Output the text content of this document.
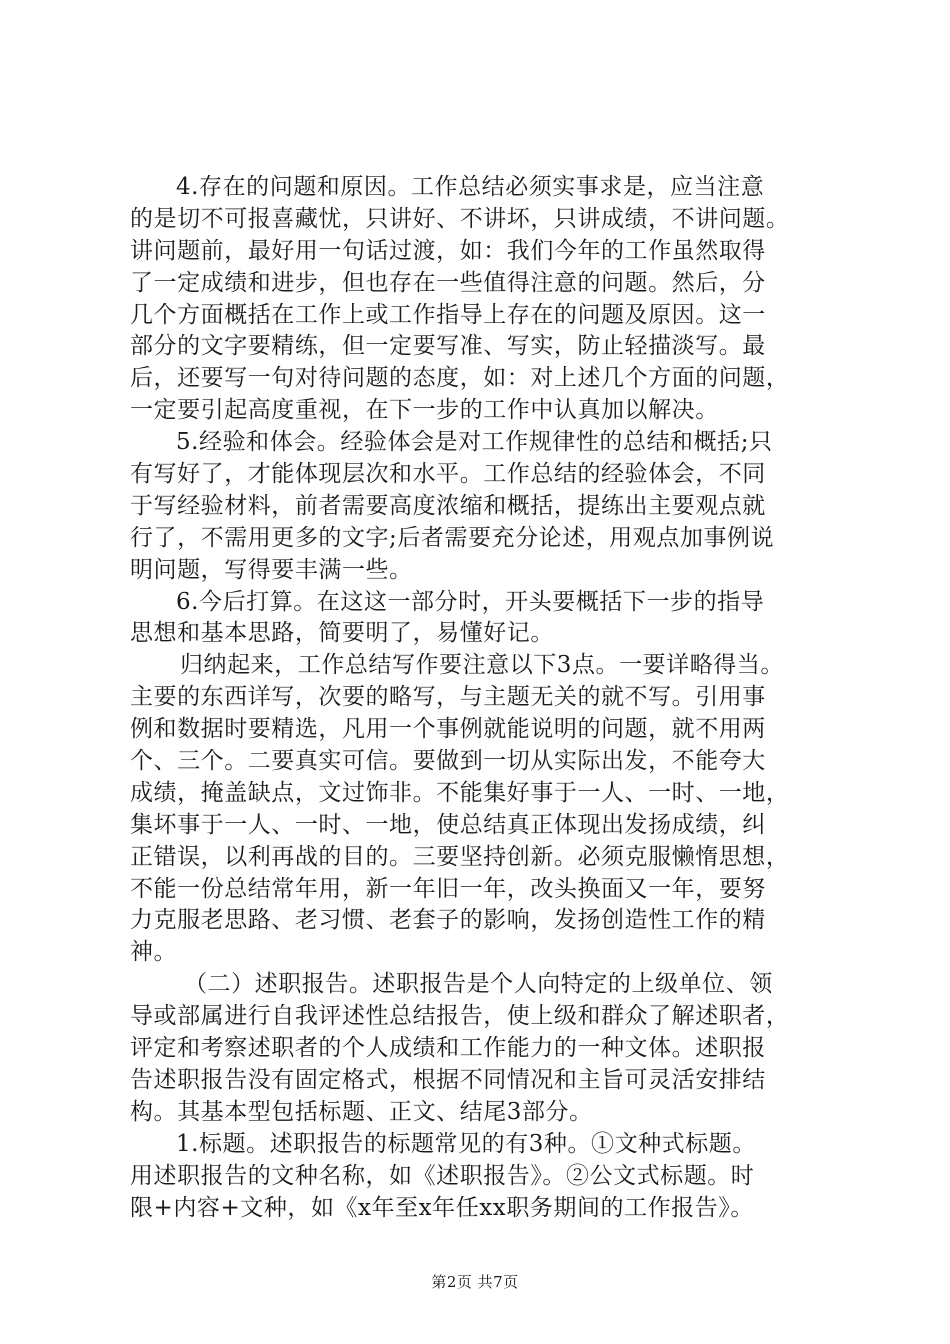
4.存在的问题和原因。工作总结必须实事求是，应当注意
的是切不可报喜藏忧，只讲好、不讲坏，只讲成绩，不讲问题。
讲问题前，最好用一句话过渡，如：我们今年的工作虽然取得
了一定成绩和进步，但也存在一些值得注意的问题。然后，分
几个方面概括在工作上或工作指导上存在的问题及原因。这一
部分的文字要精练，但一定要写准、写实，防止轻描淡写。最
后，还要写一句对待问题的态度，如：对上述几个方面的问题，
一定要引起高度重视，在下一步的工作中认真加以解决。
5.经验和体会。经验体会是对工作规律性的总结和概括;只
有写好了，才能体现层次和水平。工作总结的经验体会，不同
于写经验材料，前者需要高度浓缩和概括，提练出主要观点就
行了，不需用更多的文字;后者需要充分论述，用观点加事例说
明问题，写得要丰满一些。
6.今后打算。在这这一部分时，开头要概括下一步的指导
思想和基本思路，简要明了，易懂好记。
归纳起来，工作总结写作要注意以下3点。一要详略得当。
主要的东西详写，次要的略写，与主题无关的就不写。引用事
例和数据时要精选，凡用一个事例就能说明的问题，就不用两
个、三个。二要真实可信。要做到一切从实际出发，不能夸大
成绩，掩盖缺点，文过饰非。不能集好事于一人、一时、一地，
集坏事于一人、一时、一地，使总结真正体现出发扬成绩，纠
正错误，以利再战的目的。三要坚持创新。必须克服懒惰思想，
不能一份总结常年用，新一年旧一年，改头换面又一年，要努
力克服老思路、老习惯、老套子的影响，发扬创造性工作的精
神。
（二）述职报告。述职报告是个人向特定的上级单位、领
导或部属进行自我评述性总结报告，使上级和群众了解述职者，
评定和考察述职者的个人成绩和工作能力的一种文体。述职报
告述职报告没有固定格式，根据不同情况和主旨可灵活安排结
构。其基本型包括标题、正文、结尾3部分。
1.标题。述职报告的标题常见的有3种。①文种式标题。
用述职报告的文种名称，如《述职报告》。②公文式标题。时
限+内容+文种，如《x年至x年任xx职务期间的工作报告》。
第2页 共7页
